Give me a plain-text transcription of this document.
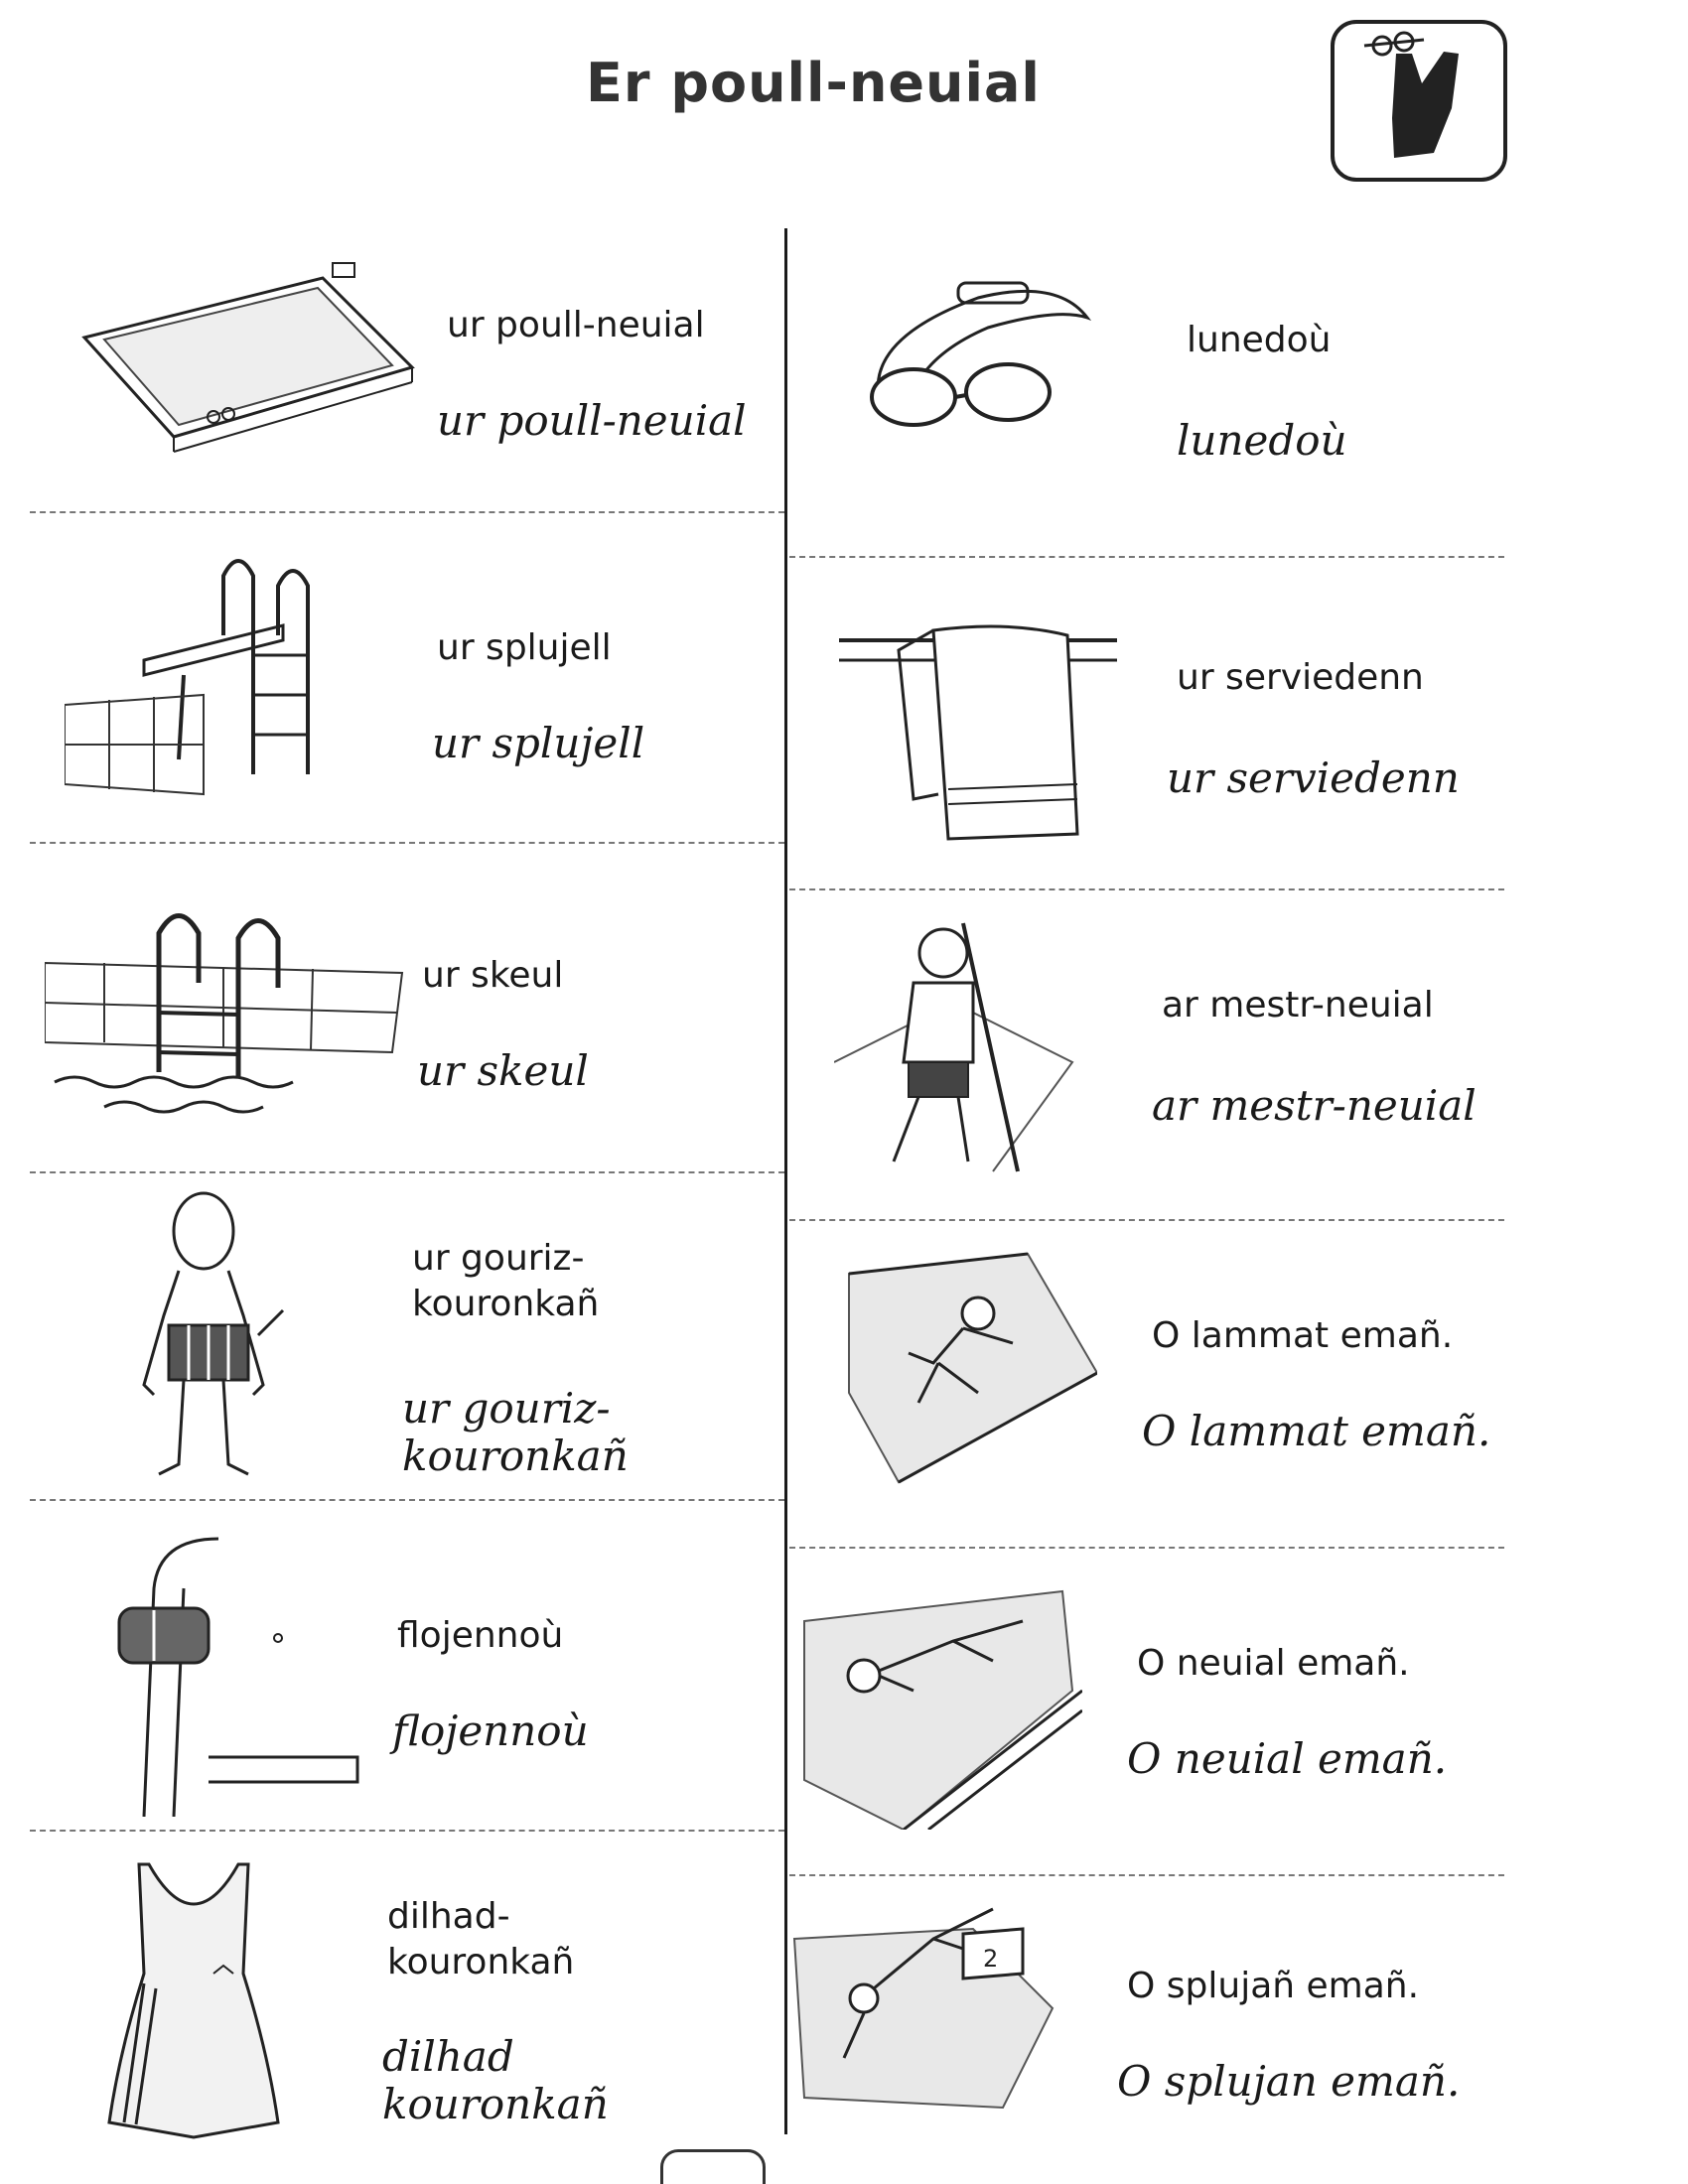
Er poull-neuial
ur poull-neuial
ur poull-neuial
ur splujell
ur splujell
ur skeul
ur skeul
ur gouriz-
kouronkañ
ur gouriz-
kouronkañ
flojennoù
flojennoù
dilhad-
kouronkañ
dilhad
kouronkañ
lunedoù
lunedoù
ur serviedenn
ur serviedenn
ar mestr-neuial
ar mestr-neuial
O lammat emañ.
O lammat emañ.
O neuial emañ.
O neuial emañ.
2
O splujañ emañ.
O splujan emañ.
